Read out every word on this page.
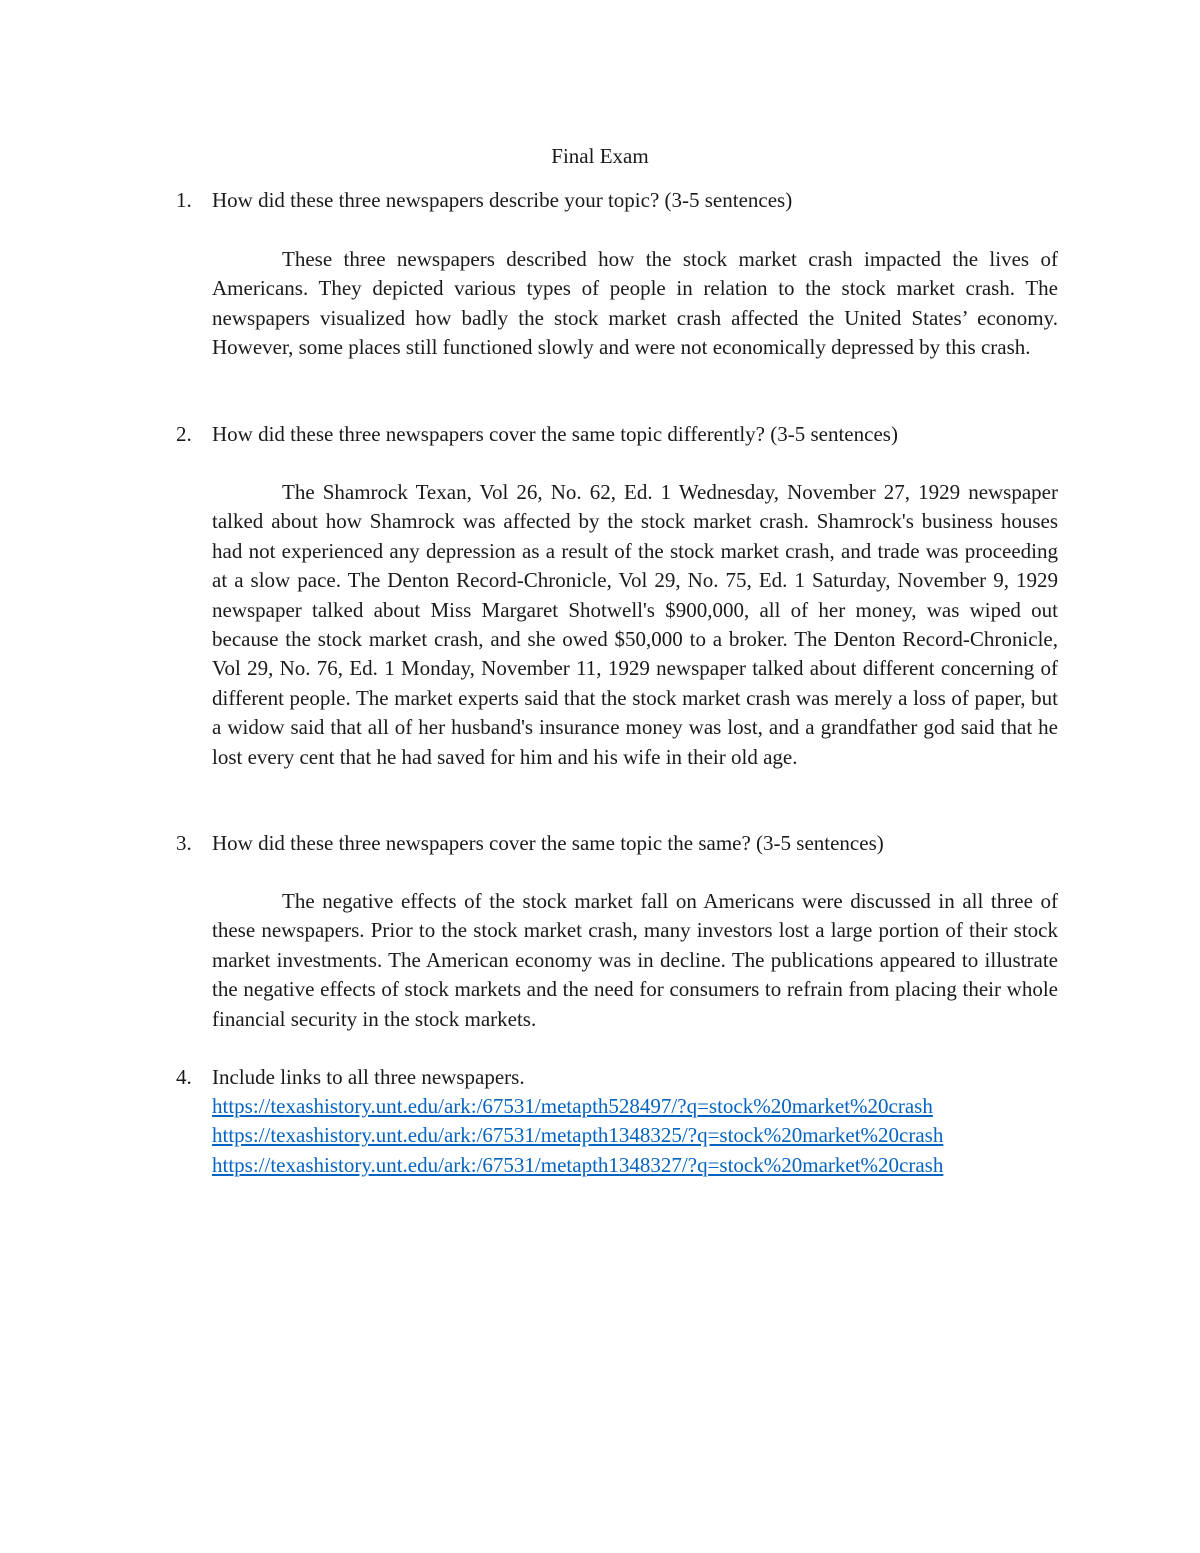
Final Exam
1. How did these three newspapers describe your topic? (3-5 sentences)

These three newspapers described how the stock market crash impacted the lives of Americans. They depicted various types of people in relation to the stock market crash. The newspapers visualized how badly the stock market crash affected the United States’ economy. However, some places still functioned slowly and were not economically depressed by this crash.

2. How did these three newspapers cover the same topic differently? (3-5 sentences)

The Shamrock Texan, Vol 26, No. 62, Ed. 1 Wednesday, November 27, 1929 newspaper talked about how Shamrock was affected by the stock market crash. Shamrock's business houses had not experienced any depression as a result of the stock market crash, and trade was proceeding at a slow pace. The Denton Record-Chronicle, Vol 29, No. 75, Ed. 1 Saturday, November 9, 1929 newspaper talked about Miss Margaret Shotwell's $900,000, all of her money, was wiped out because the stock market crash, and she owed $50,000 to a broker. The Denton Record-Chronicle, Vol 29, No. 76, Ed. 1 Monday, November 11, 1929 newspaper talked about different concerning of different people. The market experts said that the stock market crash was merely a loss of paper, but a widow said that all of her husband's insurance money was lost, and a grandfather god said that he lost every cent that he had saved for him and his wife in their old age.

3. How did these three newspapers cover the same topic the same? (3-5 sentences)

The negative effects of the stock market fall on Americans were discussed in all three of these newspapers. Prior to the stock market crash, many investors lost a large portion of their stock market investments. The American economy was in decline. The publications appeared to illustrate the negative effects of stock markets and the need for consumers to refrain from placing their whole financial security in the stock markets.

4. Include links to all three newspapers.
https://texashistory.unt.edu/ark:/67531/metapth528497/?q=stock%20market%20crash
https://texashistory.unt.edu/ark:/67531/metapth1348325/?q=stock%20market%20crash
https://texashistory.unt.edu/ark:/67531/metapth1348327/?q=stock%20market%20crash
